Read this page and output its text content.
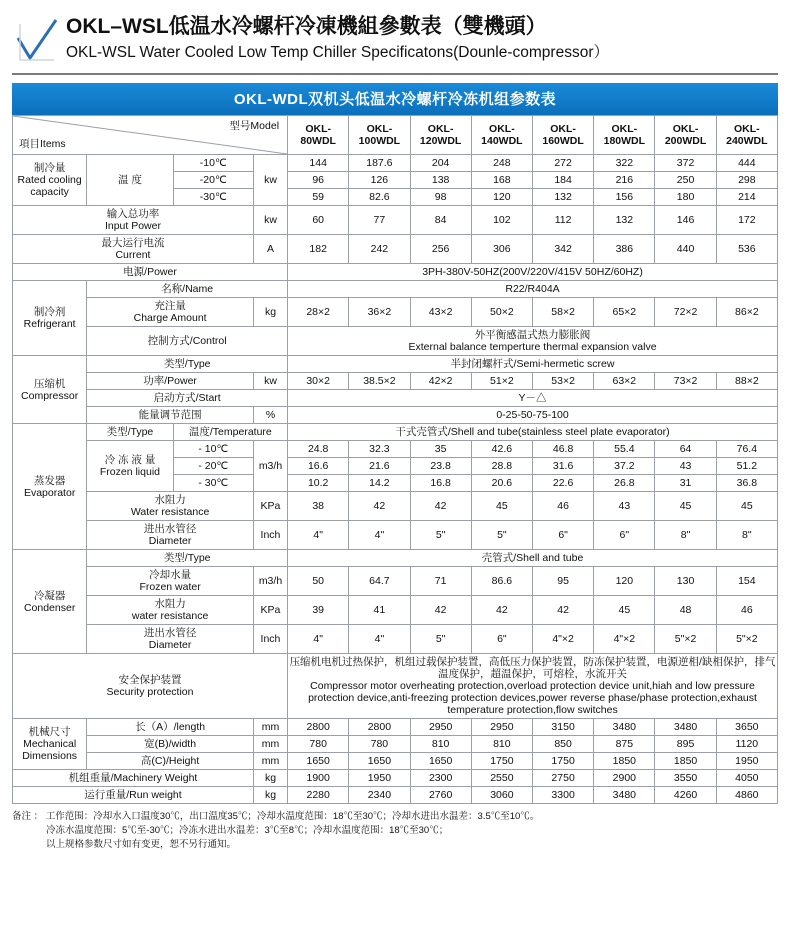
OKL–WSL低温水冷螺杆冷凍機組參數表（雙機頭）
OKL-WSL Water Cooled Low Temp Chiller Specificatons(Dounle-compressor）
OKL-WDL双机头低温水冷螺杆冷冻机组参数表
項目Items
型号Model				OKL-80WDL	OKL-100WDL	OKL-120WDL	OKL-140WDL	OKL-160WDL	OKL-180WDL	OKL-200WDL	OKL-240WDL

制冷量
Rated cooling capacity	温 度	-10℃	kw	144	187.6	204	248	272	322	372	444
		-20℃		96	126	138	168	184	216	250	298
		-30℃		59	82.6	98	120	132	156	180	214

输入总功率
Input Power			kw	60	77	84	102	112	132	146	172

最大运行电流
Current			A	182	242	256	306	342	386	440	536
电源/Power				3PH-380V-50HZ(200V/220V/415V 50HZ/60HZ)							

制冷剂
Refrigerant	名称/Name			R22/R404A							

	充注量
Charge Amount		kg	28×2	36×2	43×2	50×2	58×2	65×2	72×2	86×2
	控制方式/Control			外平衡感温式热力膨胀阀
External balance temperture thermal expansion valve							

压缩机
Compressor	类型/Type			半封闭螺杆式/Semi-hermetic screw							
	功率/Power		kw	30×2	38.5×2	42×2	51×2	53×2	63×2	73×2	88×2
	启动方式/Start			Y－△							
	能量调节范围		%	0-25-50-75-100							

蒸发器
Evaporator	类型/Type	温度/Temperature		干式壳管式/Shell and tube(stainless steel plate evaporator)							

	冷 冻 液 量
Frozen liquid	- 10℃	m3/h	24.8	32.3	35	42.6	46.8	55.4	64	76.4
		- 20℃		16.6	21.6	23.8	28.8	31.6	37.2	43	51.2
		- 30℃		10.2	14.2	16.8	20.6	22.6	26.8	31	36.8

	水阻力
Water resistance		KPa	38	42	42	45	46	43	45	45

	进出水管径
Diameter		Inch	4"	4"	5"	5"	6"	6"	8"	8"

冷凝器
Condenser	类型/Type			壳管式/Shell and tube							

	冷却水量
Frozen water		m3/h	50	64.7	71	86.6	95	120	130	154

	水阻力
water resistance		KPa	39	41	42	42	42	45	48	46

	进出水管径
Diameter		Inch	4"	4"	5"	6"	4"×2	4"×2	5"×2	5"×2

安全保护装置
Security protection				压缩机电机过热保护，机组过载保护装置，高低压力保护装置，防冻保护装置，电源逆相/缺相保护，排气温度保护，超温保护，可熔栓，水流开关
Compressor motor overheating protection,overload protection device unit,hiah and low pressure protection device,anti-freezing protection devices,power reverse phase/phase protection,exhaust temperature protection,flow switches							

机械尺寸
Mechanical Dimensions	长（A）/length		mm	2800	2800	2950	2950	3150	3480	3480	3650
	宽(B)/width		mm	780	780	810	810	850	875	895	1120
	高(C)/Height		mm	1650	1650	1650	1750	1750	1850	1850	1950
机组重量/Machinery Weight			kg	1900	1950	2300	2550	2750	2900	3550	4050
运行重量/Run weight			kg	2280	2340	2760	3060	3300	3480	4260	4860

备注 ： 工作范围：冷却水入口温度30℃，出口温度35℃；冷却水温度范围：18℃至30℃；冷却水进出水温差：3.5℃至10℃。

冷冻水温度范围：5℃至-30℃；冷冻水进出水温差：3℃至8℃；冷却水温度范围：18℃至30℃；

以上规格参数尺寸如有变更，恕不另行通知。
